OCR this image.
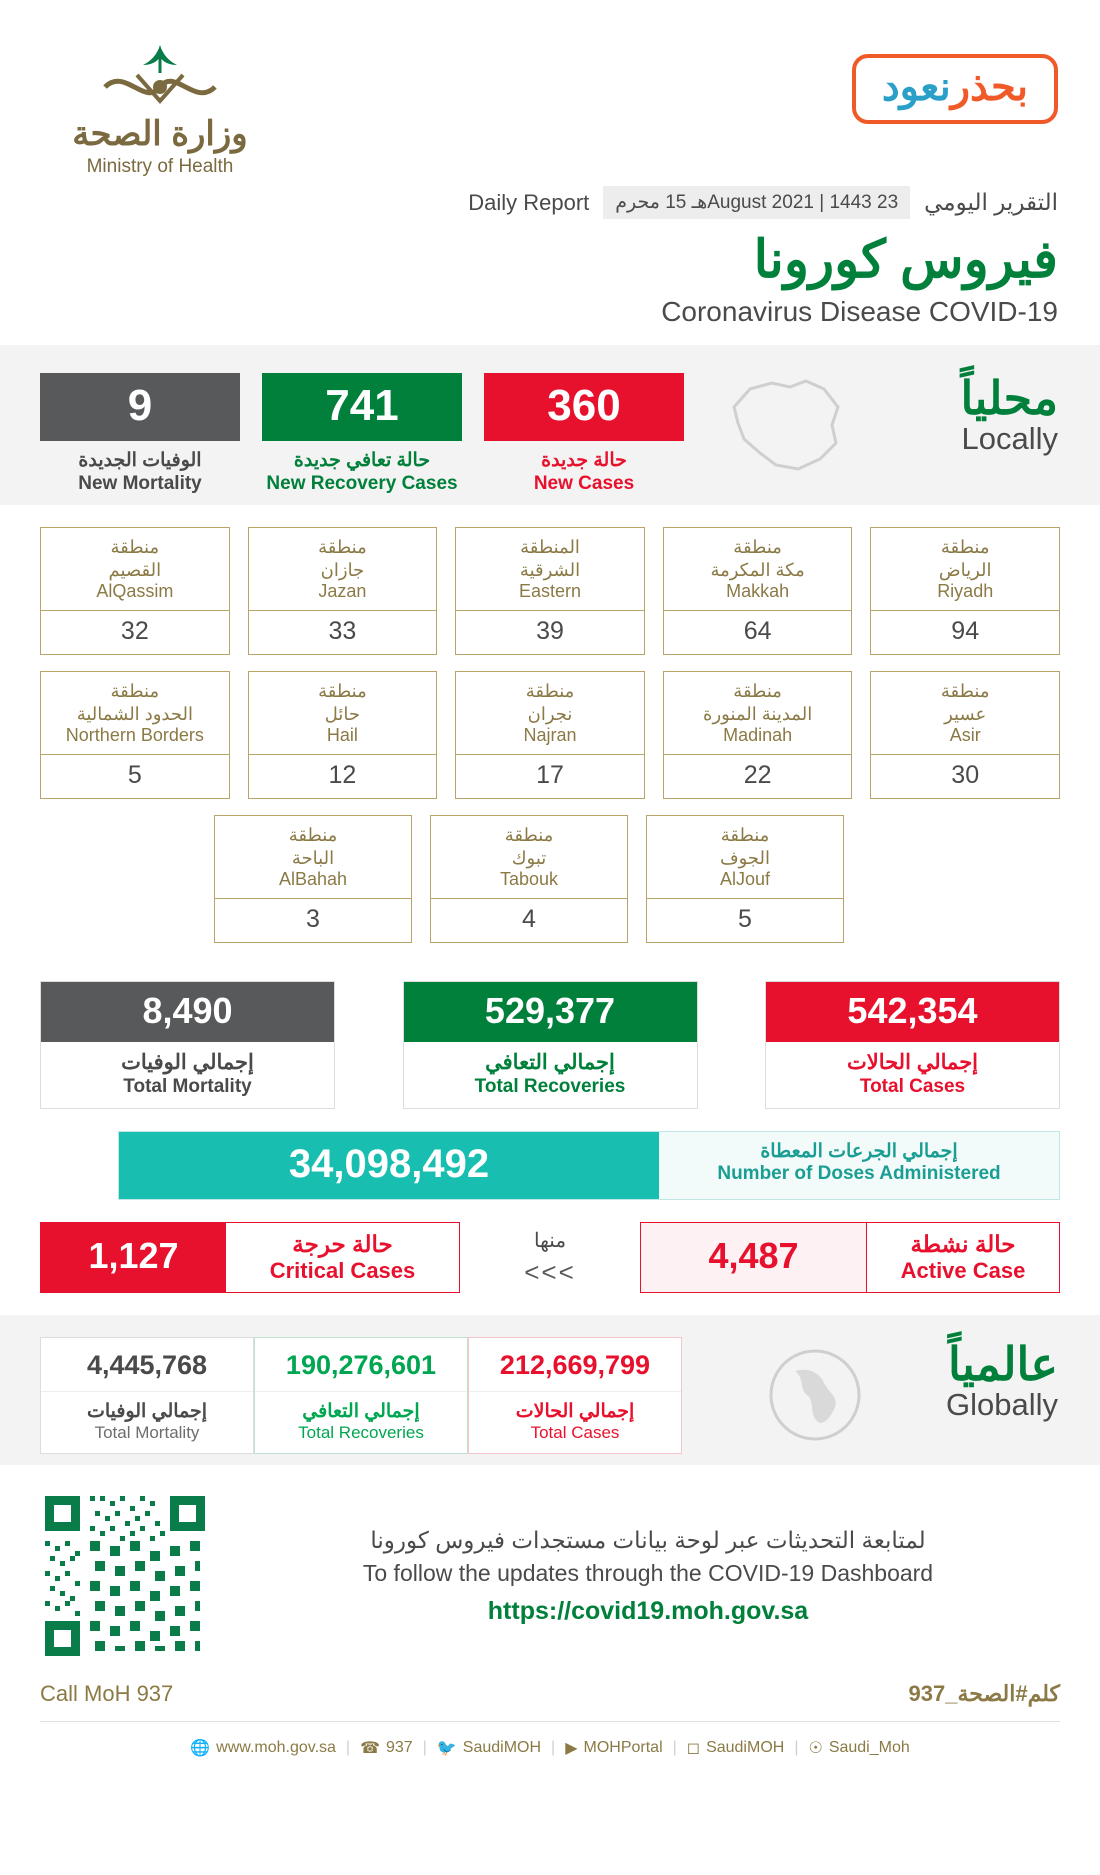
وزارة الصحة
Ministry of Health
بحذرنعود
التقرير اليومي
23 August 2021 | 1443هـ 15 محرم
Daily Report
فيروس كورونا
Coronavirus Disease COVID-19
محلياً
Locally
9
الوفيات الجديدة
New Mortality
741
حالة تعافي جديدة
New Recovery Cases
360
حالة جديدة
New Cases
منطقة
القصيم
AlQassim
32
منطقة
جازان
Jazan
33
المنطقة
الشرقية
Eastern
39
منطقة
مكة المكرمة
Makkah
64
منطقة
الرياض
Riyadh
94
منطقة
الحدود الشمالية
Northern Borders
5
منطقة
حائل
Hail
12
منطقة
نجران
Najran
17
منطقة
المدينة المنورة
Madinah
22
منطقة
عسير
Asir
30
منطقة
الباحة
AlBahah
3
منطقة
تبوك
Tabouk
4
منطقة
الجوف
AlJouf
5
8,490
إجمالي الوفيات
Total Mortality
529,377
إجمالي التعافي
Total Recoveries
542,354
إجمالي الحالات
Total Cases
34,098,492	إجمالي الجرعات المعطاة
Number of Doses Administered
1,127	حالة حرجة
Critical Cases
منها
<<<	4,487	حالة نشطة
Active Case
عالمياً
Globally
4,445,768
إجمالي الوفيات
Total Mortality
190,276,601
إجمالي التعافي
Total Recoveries
212,669,799
إجمالي الحالات
Total Cases
لمتابعة التحديثات عبر لوحة بيانات مستجدات فيروس كورونا
To follow the updates through the COVID-19 Dashboard
https://covid19.moh.gov.sa
Call MoH 937	كلم#الصحة_937
🌐 www.moh.gov.sa | ☎ 937 | 🐦 SaudiMOH | ▶ MOHPortal | ◻ SaudiMOH | ☉ Saudi_Moh
